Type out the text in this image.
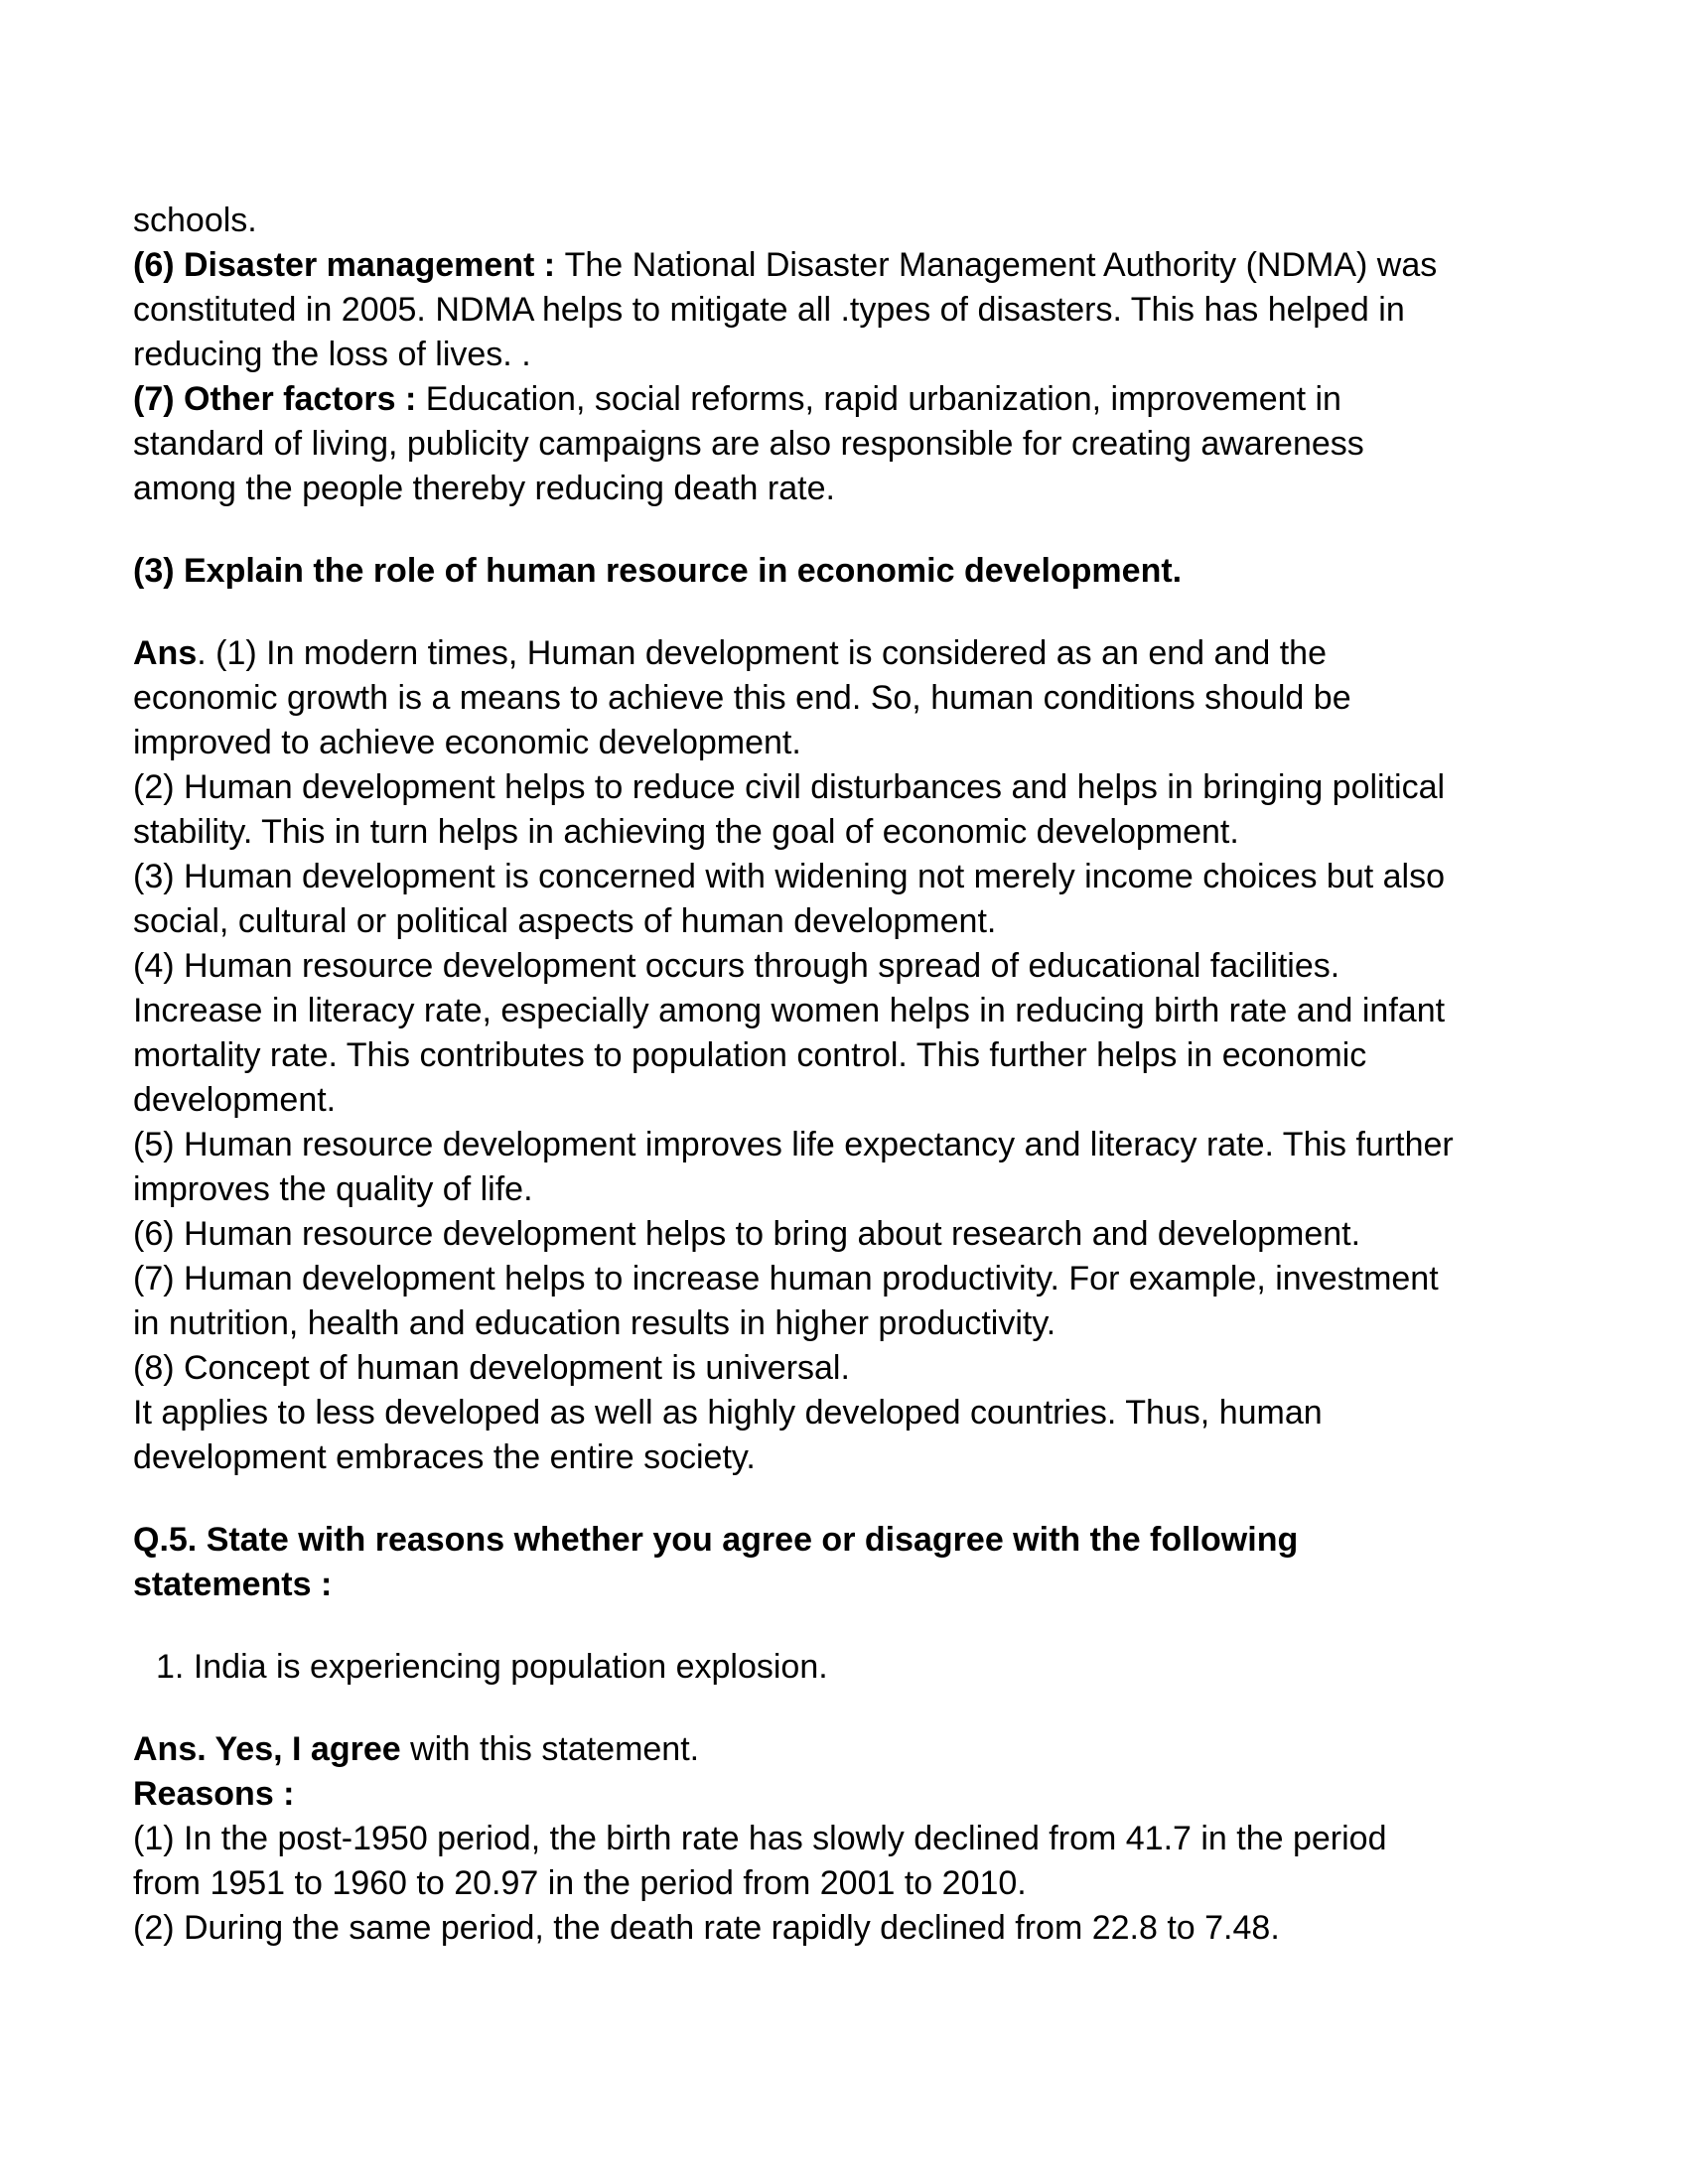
schools.
(6) Disaster management : The National Disaster Management Authority (NDMA) was
constituted in 2005. NDMA helps to mitigate all .types of disasters. This has helped in
reducing the loss of lives. .
(7) Other factors : Education, social reforms, rapid urbanization, improvement in
standard of living, publicity campaigns are also responsible for creating awareness
among the people thereby reducing death rate.
(3) Explain the role of human resource in economic development.
Ans. (1) In modern times, Human development is considered as an end and the
economic growth is a means to achieve this end. So, human conditions should be
improved to achieve economic development.
(2) Human development helps to reduce civil disturbances and helps in bringing political
stability. This in turn helps in achieving the goal of economic development.
(3) Human development is concerned with widening not merely income choices but also
social, cultural or political aspects of human development.
(4) Human resource development occurs through spread of educational facilities.
Increase in literacy rate, especially among women helps in reducing birth rate and infant
mortality rate. This contributes to population control. This further helps in economic
development.
(5) Human resource development improves life expectancy and literacy rate. This further
improves the quality of life.
(6) Human resource development helps to bring about research and development.
(7) Human development helps to increase human productivity. For example, investment
in nutrition, health and education results in higher productivity.
(8) Concept of human development is universal.
It applies to less developed as well as highly developed countries. Thus, human
development embraces the entire society.
Q.5. State with reasons whether you agree or disagree with the following
statements :
1. India is experiencing population explosion.
Ans. Yes, I agree with this statement.
Reasons :
(1) In the post-1950 period, the birth rate has slowly declined from 41.7 in the period
from 1951 to 1960 to 20.97 in the period from 2001 to 2010.
(2) During the same period, the death rate rapidly declined from 22.8 to 7.48.
